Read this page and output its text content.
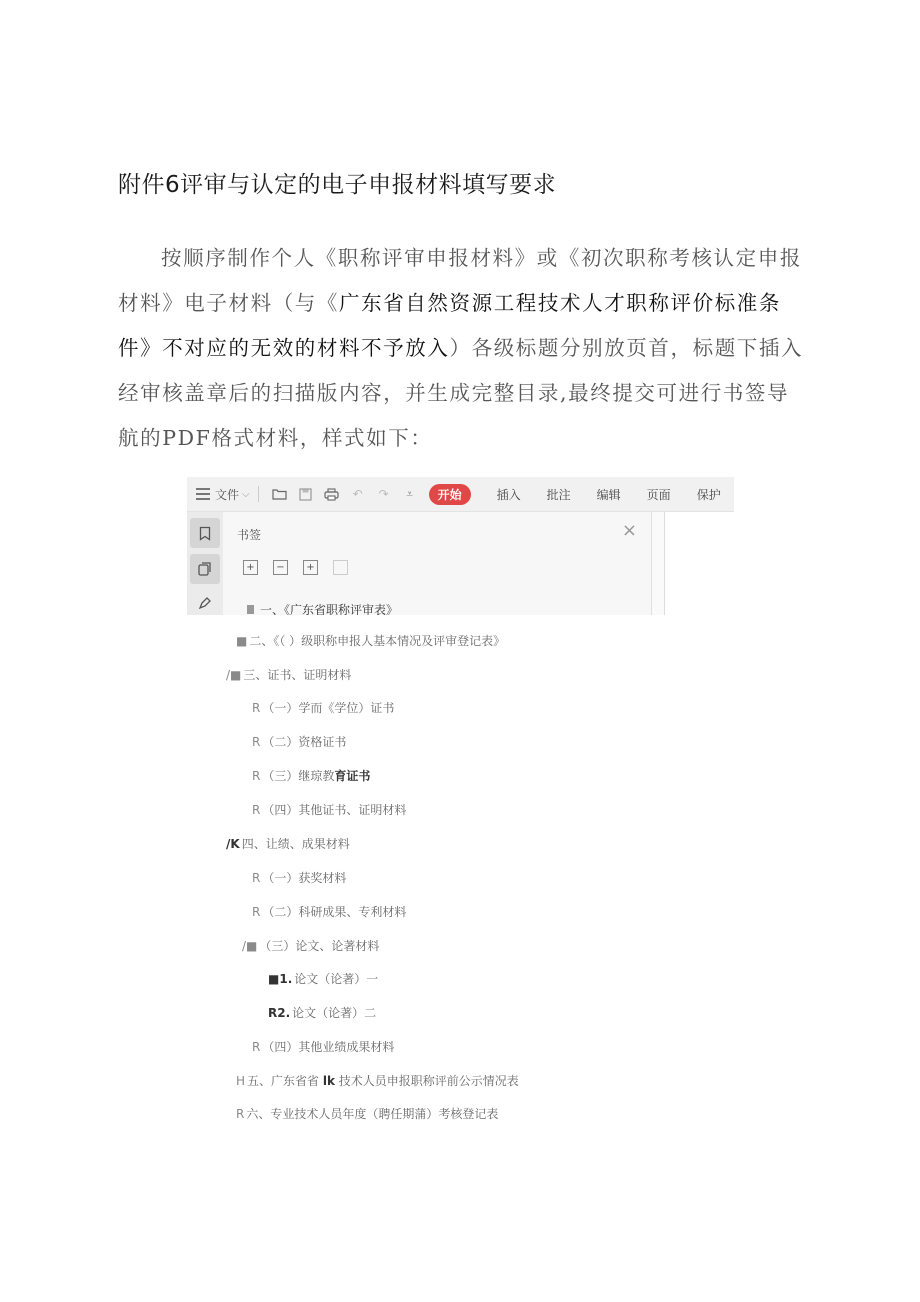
附件6评审与认定的电子申报材料填写要求

按顺序制作个人《职称评审申报材料》或《初次职称考核认定申报材料》电子材料（与《广东省自然资源工程技术人才职称评价标准条件》不对应的无效的材料不予放入）各级标题分别放页首，标题下插入经审核盖章后的扫描版内容，并生成完整目录,最终提交可进行书签导航的PDF格式材料，样式如下：

文件 ⌵	↶ ↷	⩡	开始	插入 批注 编辑 页面 保护
书签	×
+	−	+
一、《广东省职称评审表》
■ 二、《（ ）级职称申报人基本情况及评审登记表》
/■ 三、证书、证明材料
R （一）学而《学位）证书
R （二）资格证书
R （三）继琼教育证书
R （四）其他证书、证明材料
/K 四、让绩、成果材料
R （一）获奖材料
R （二）科研成果、专利材料
/■ （三）论文、论著材料
■1. 论文（论著）一
R2. 论文（论著）二
R （四）其他业绩成果材料
H 五、广东省省 lk 技术人员申报职称评前公示情况表
R 六、专业技术人员年度（聘任期蒲）考核登记表
